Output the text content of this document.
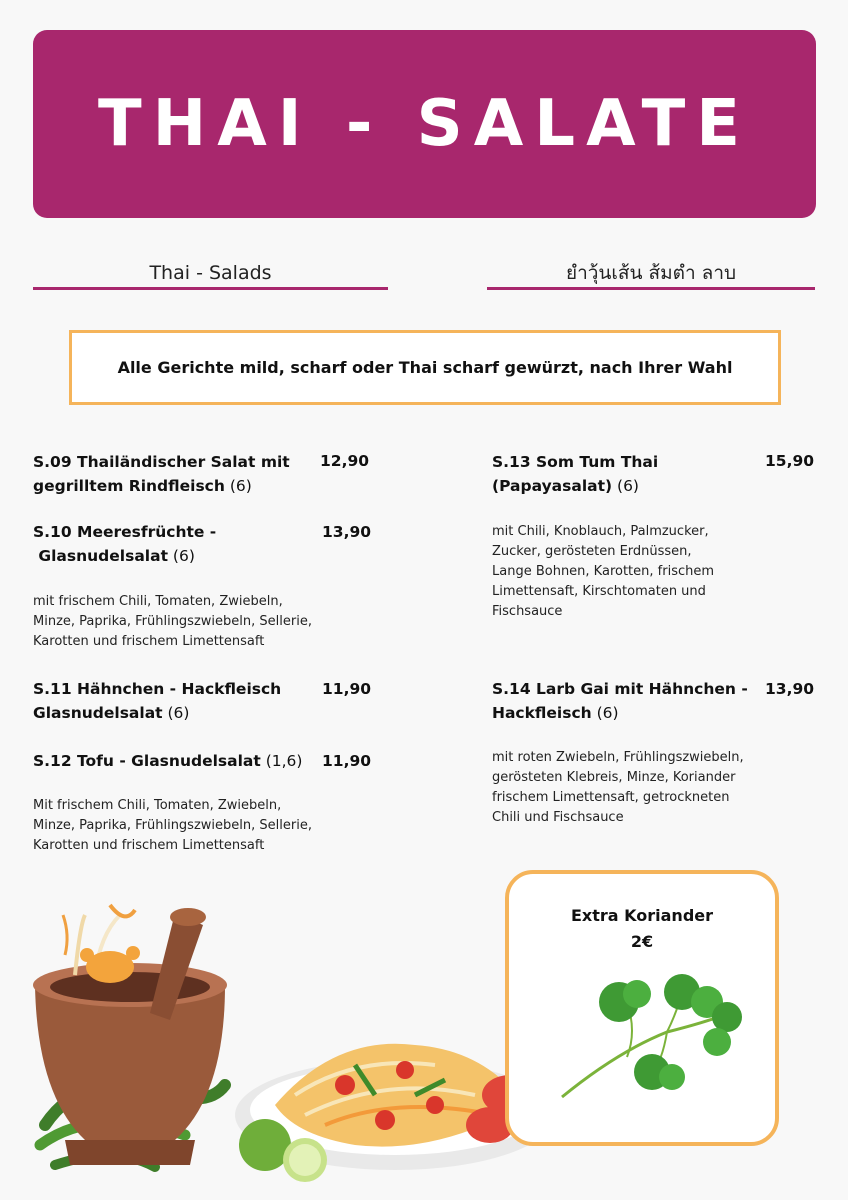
THAI - SALATE
Thai - Salads	ยำวุ้นเส้น ส้มตำ ลาบ
Alle Gerichte mild, scharf oder Thai scharf gewürzt, nach Ihrer Wahl
S.09 Thailändischer Salat mit
gegrilltem Rindfleisch (6)
12,90
S.10 Meeresfrüchte -
Glasnudelsalat (6)
13,90
mit frischem Chili, Tomaten, Zwiebeln,
Minze, Paprika, Frühlingszwiebeln, Sellerie,
Karotten und frischem Limettensaft
S.11 Hähnchen - Hackfleisch
Glasnudelsalat (6)
11,90
S.12 Tofu - Glasnudelsalat (1,6)	11,90
Mit frischem Chili, Tomaten, Zwiebeln,
Minze, Paprika, Frühlingszwiebeln, Sellerie,
Karotten und frischem Limettensaft
S.13 Som Tum Thai
(Papayasalat) (6)
15,90
mit Chili, Knoblauch, Palmzucker,
Zucker, gerösteten Erdnüssen,
Lange Bohnen, Karotten, frischem
Limettensaft, Kirschtomaten und
Fischsauce
S.14 Larb Gai mit Hähnchen -
Hackfleisch (6)
13,90
mit roten Zwiebeln, Frühlingszwiebeln,
gerösteten Klebreis, Minze, Koriander
frischem Limettensaft, getrockneten
Chili und Fischsauce
Extra Koriander
2€
